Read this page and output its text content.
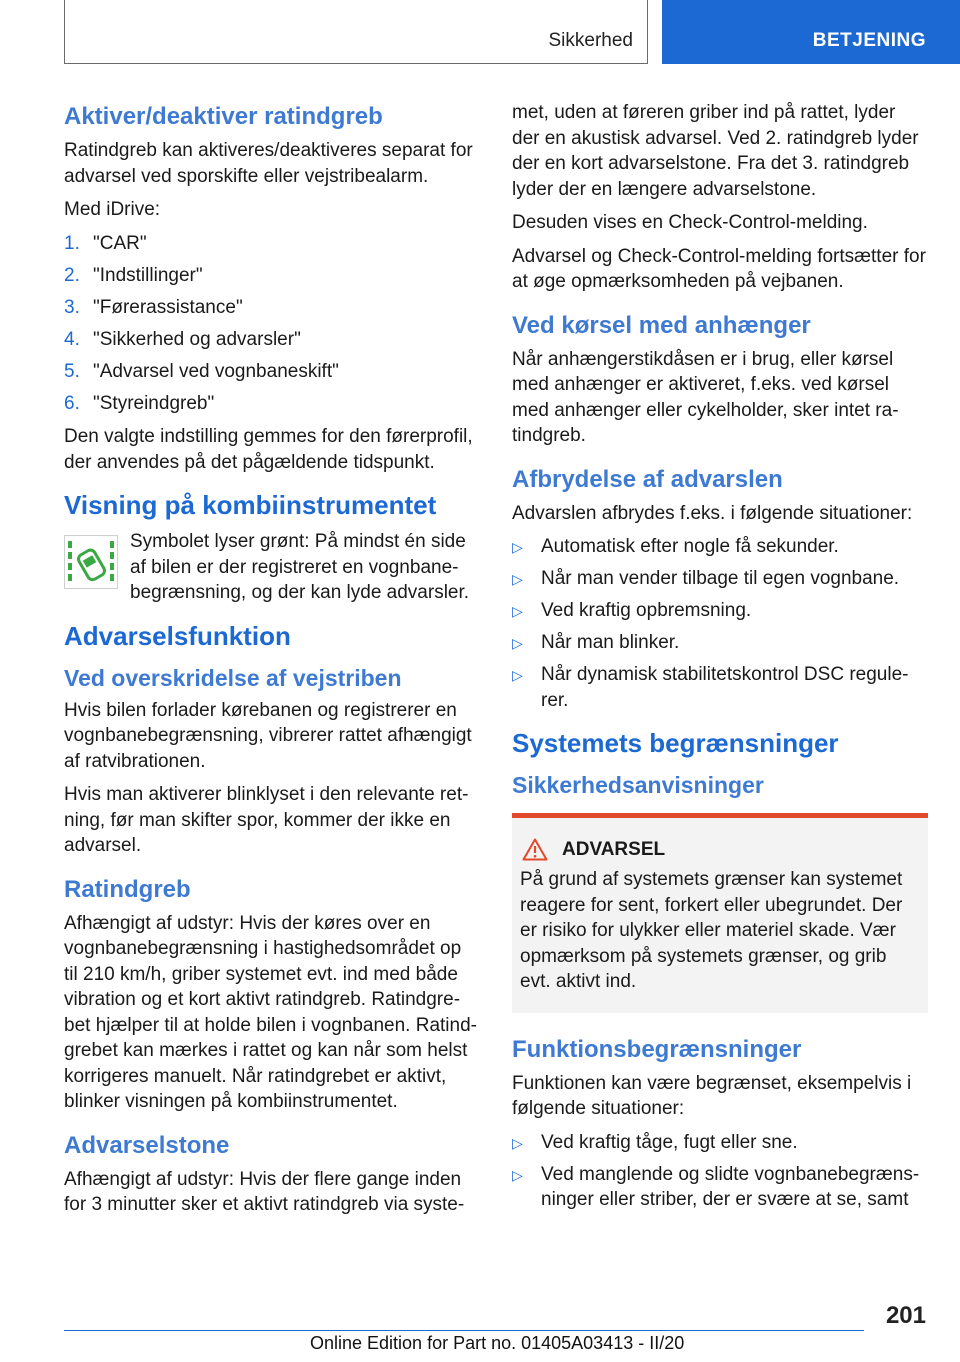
Sikkerhed	BETJENING
Aktiver/deaktiver ratindgreb

Ratindgreb kan aktiveres/deaktiveres separat for advarsel ved sporskifte eller vejstribealarm.

Med iDrive:

1. "CAR"
2. "Indstillinger"
3. "Førerassistance"
4. "Sikkerhed og advarsler"
5. "Advarsel ved vognbaneskift"
6. "Styreindgreb"

Den valgte indstilling gemmes for den førerprofil, der anvendes på det pågældende tidspunkt.

Visning på kombiinstrumentet

Symbolet lyser grønt: På mindst én side af bilen er der registreret en vognbane-begrænsning, og der kan lyde advarsler.

Advarselsfunktion
Ved overskridelse af vejstriben

Hvis bilen forlader kørebanen og registrerer en vognbanebegrænsning, vibrerer rattet afhængigt af ratvibrationen.

Hvis man aktiverer blinklyset i den relevante ret-ning, før man skifter spor, kommer der ikke en advarsel.

Ratindgreb

Afhængigt af udstyr: Hvis der køres over en vognbanebegrænsning i hastighedsområdet op til 210 km/h, griber systemet evt. ind med både vibration og et kort aktivt ratindgreb. Ratindgre-bet hjælper til at holde bilen i vognbanen. Ratind-grebet kan mærkes i rattet og kan når som helst korrigeres manuelt. Når ratindgrebet er aktivt, blinker visningen på kombiinstrumentet.

Advarselstone

Afhængigt af udstyr: Hvis der flere gange inden for 3 minutter sker et aktivt ratindgreb via syste-

met, uden at føreren griber ind på rattet, lyder der en akustisk advarsel. Ved 2. ratindgreb lyder der en kort advarselstone. Fra det 3. ratindgreb lyder der en længere advarselstone.

Desuden vises en Check-Control-melding.

Advarsel og Check-Control-melding fortsætter for at øge opmærksomheden på vejbanen.

Ved kørsel med anhænger

Når anhængerstikdåsen er i brug, eller kørsel med anhænger er aktiveret, f.eks. ved kørsel med anhænger eller cykelholder, sker intet ra-tindgreb.

Afbrydelse af advarslen

Advarslen afbrydes f.eks. i følgende situationer:

▷ Automatisk efter nogle få sekunder.
▷ Når man vender tilbage til egen vognbane.
▷ Ved kraftig opbremsning.
▷ Når man blinker.
▷ Når dynamisk stabilitetskontrol DSC regule-rer.
Systemets begrænsninger
Sikkerhedsanvisninger
ADVARSEL

På grund af systemets grænser kan systemet reagere for sent, forkert eller ubegrundet. Der er risiko for ulykker eller materiel skade. Vær opmærksom på systemets grænser, og grib evt. aktivt ind.

Funktionsbegrænsninger

Funktionen kan være begrænset, eksempelvis i følgende situationer:

▷ Ved kraftig tåge, fugt eller sne.
▷ Ved manglende og slidte vognbanebegræns-ninger eller striber, der er svære at se, samt
201
Online Edition for Part no. 01405A03413 - II/20
